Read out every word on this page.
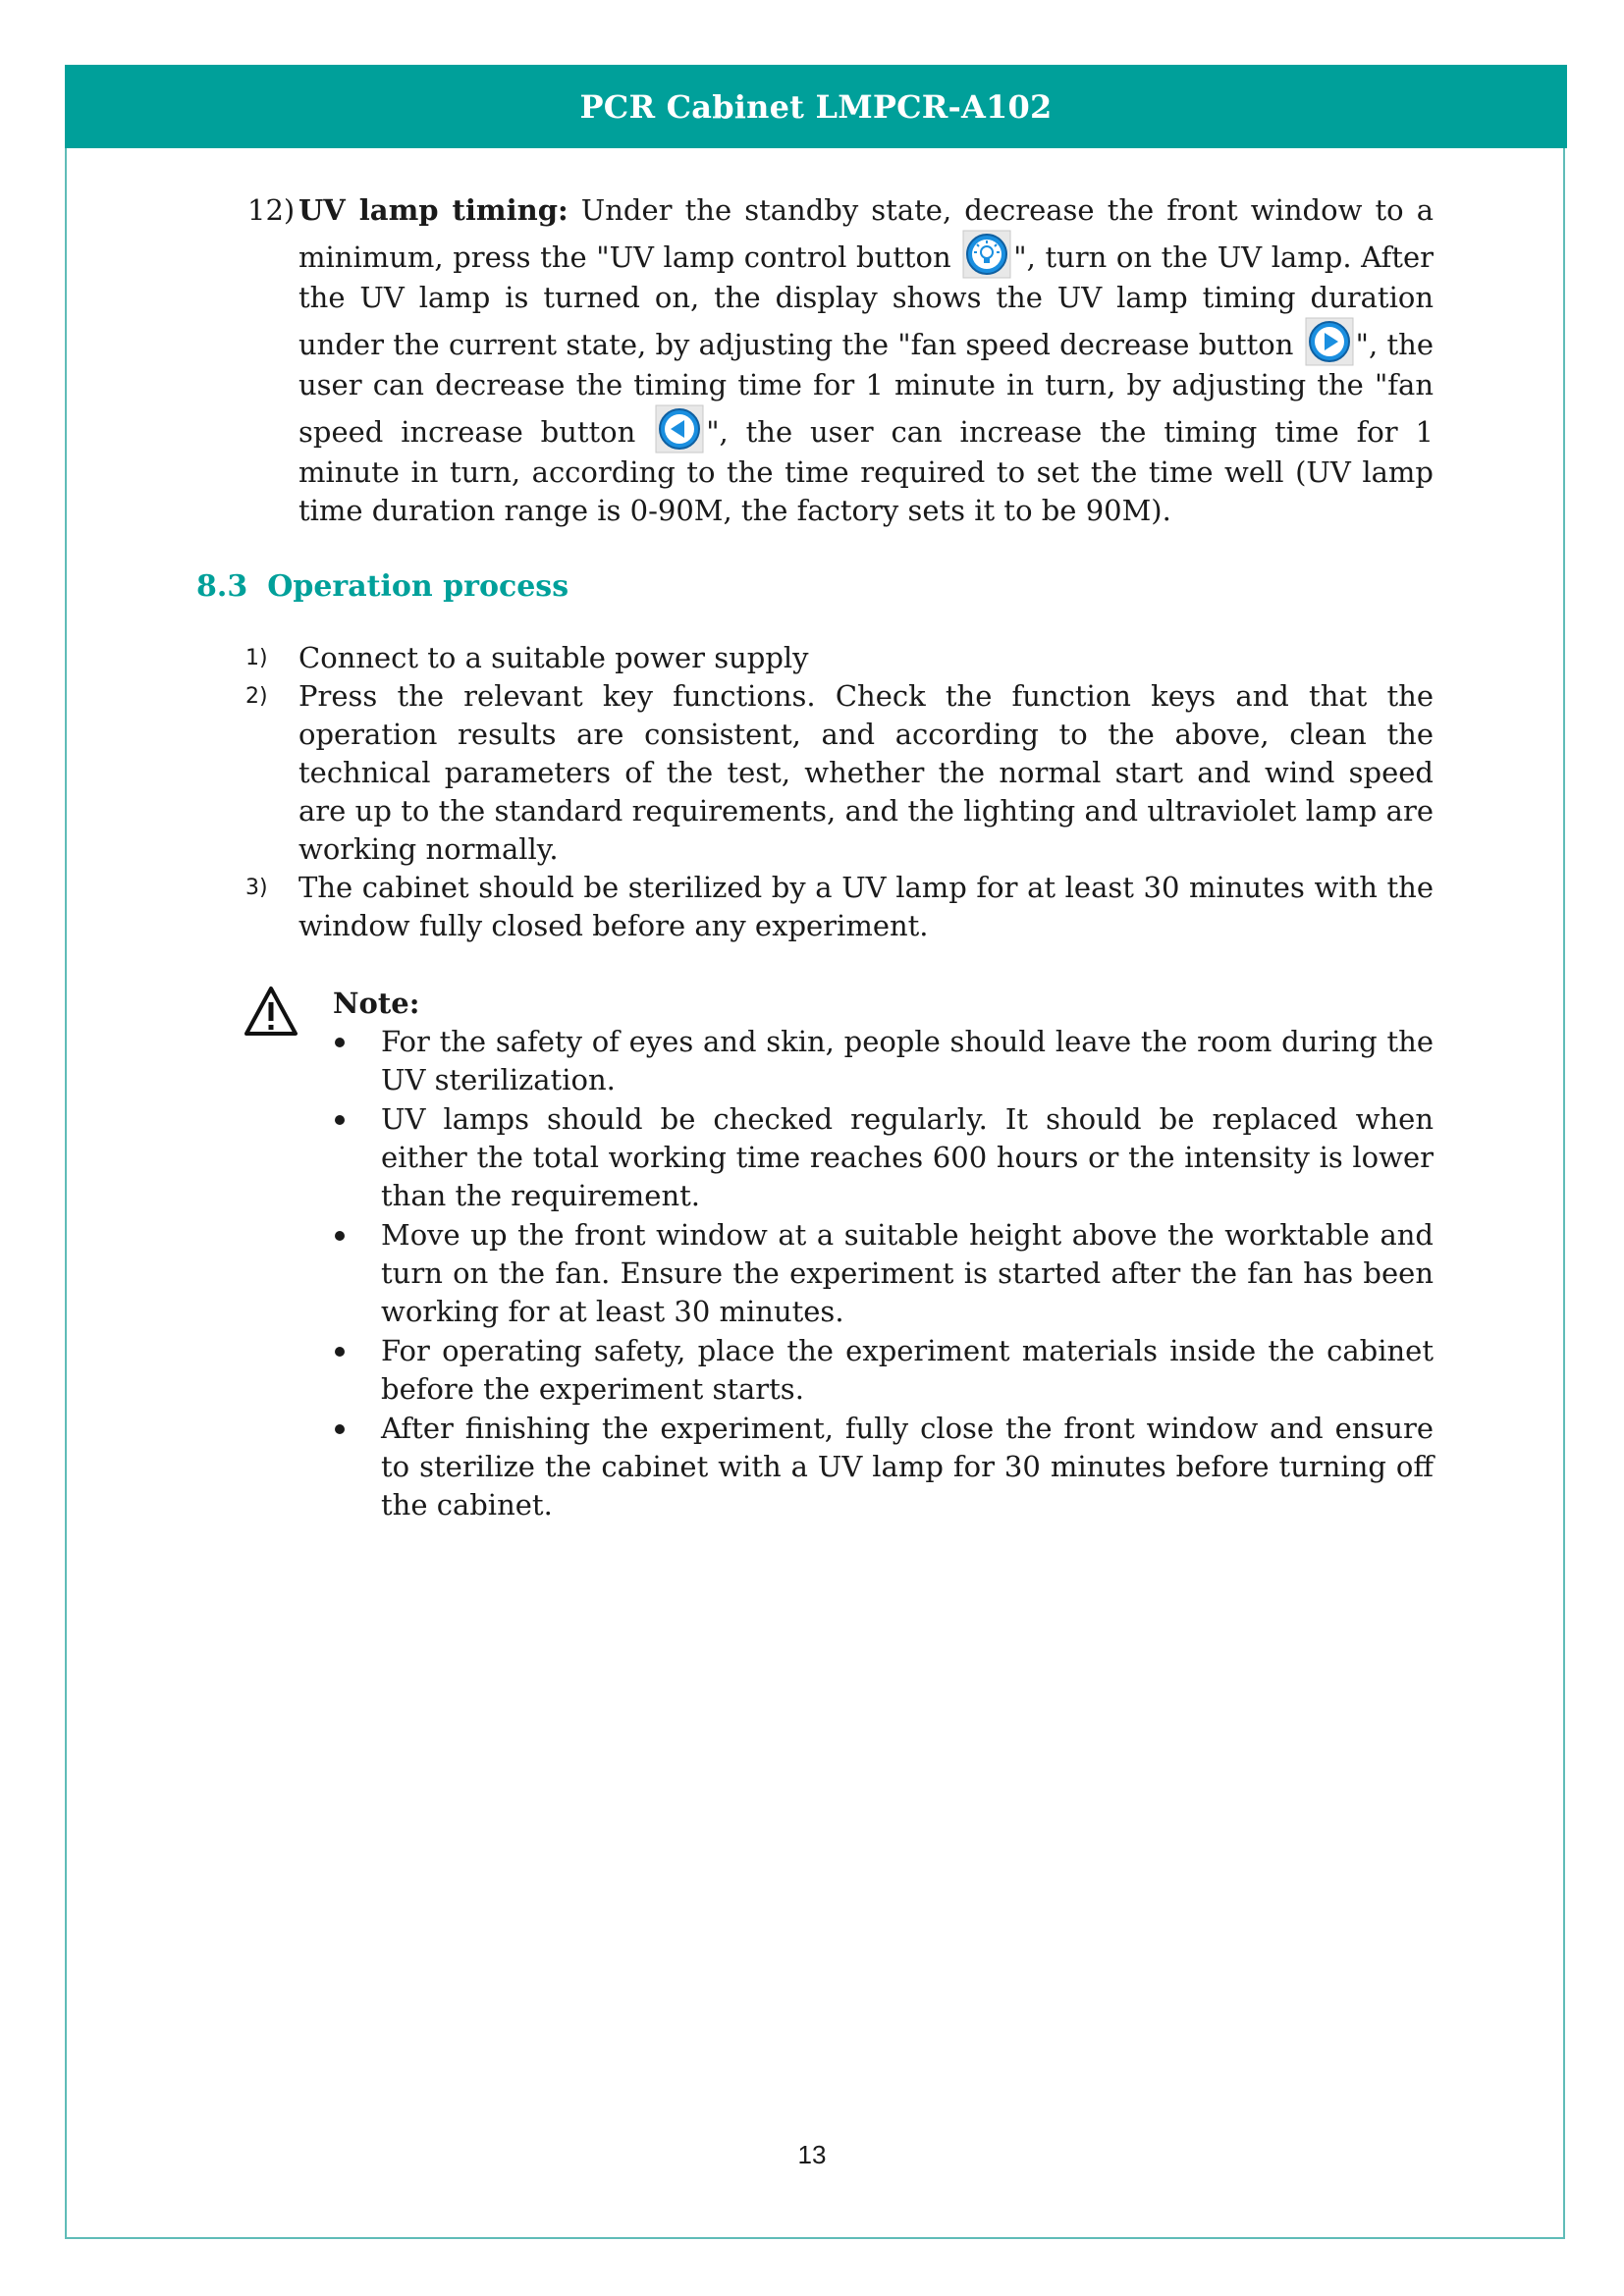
PCR Cabinet LMPCR-A102
12) UV lamp timing: Under the standby state, decrease the front window to a minimum, press the "UV lamp control button ", turn on the UV lamp. After the UV lamp is turned on, the display shows the UV lamp timing duration under the current state, by adjusting the "fan speed decrease button ", the user can decrease the timing time for 1 minute in turn, by adjusting the "fan speed increase button ", the user can increase the timing time for 1 minute in turn, according to the time required to set the time well (UV lamp time duration range is 0-90M, the factory sets it to be 90M).

8.3 Operation process
1) Connect to a suitable power supply
2) Press the relevant key functions. Check the function keys and that the operation results are consistent, and according to the above, clean the technical parameters of the test, whether the normal start and wind speed are up to the standard requirements, and the lighting and ultraviolet lamp are working normally.
3) The cabinet should be sterilized by a UV lamp for at least 30 minutes with the window fully closed before any experiment.
Note:
For the safety of eyes and skin, people should leave the room during the UV sterilization.
UV lamps should be checked regularly. It should be replaced when either the total working time reaches 600 hours or the intensity is lower than the requirement.
Move up the front window at a suitable height above the worktable and turn on the fan. Ensure the experiment is started after the fan has been working for at least 30 minutes.
For operating safety, place the experiment materials inside the cabinet before the experiment starts.
After finishing the experiment, fully close the front window and ensure to sterilize the cabinet with a UV lamp for 30 minutes before turning off the cabinet.
13
